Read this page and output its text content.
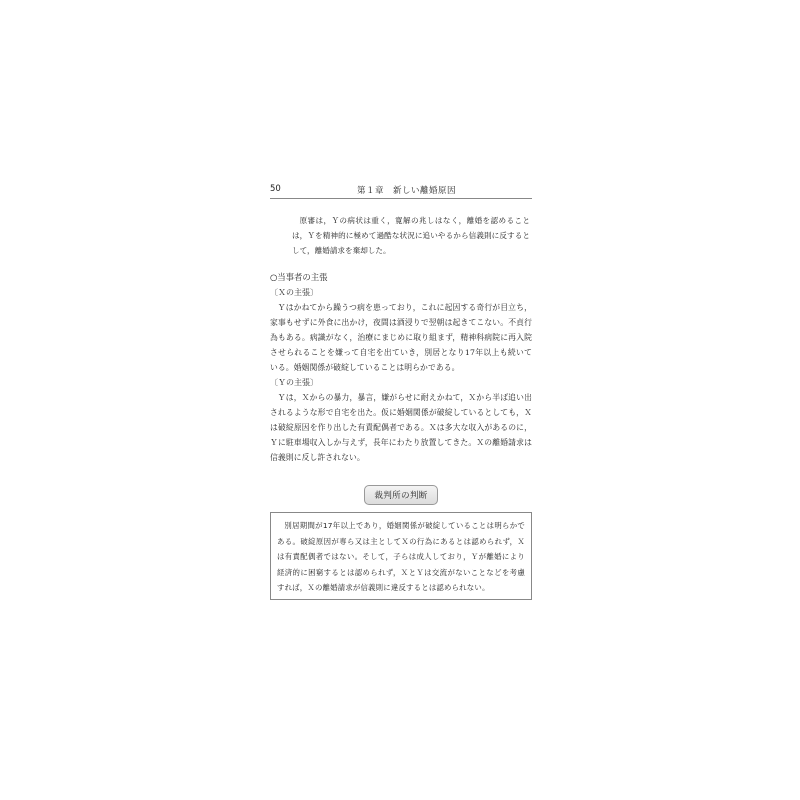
50	第１章　新しい離婚原因

原審は，Ｙの病状は重く，寛解の兆しはなく，離婚を認めることは，Ｙを精神的に極めて過酷な状況に追いやるから信義則に反するとして，離婚請求を棄却した。

○当事者の主張
〔Ｘの主張〕

Ｙはかねてから躁うつ病を患っており，これに起因する奇行が目立ち，家事もせずに外食に出かけ，夜間は酒浸りで翌朝は起きてこない。不貞行為もある。病識がなく，治療にまじめに取り組まず，精神科病院に再入院させられることを嫌って自宅を出ていき，別居となり17年以上も続いている。婚姻関係が破綻していることは明らかである。

〔Ｙの主張〕

Ｙは，Ｘからの暴力，暴言，嫌がらせに耐えかねて，Ｘから半ば追い出されるような形で自宅を出た。仮に婚姻関係が破綻しているとしても，Ｘは破綻原因を作り出した有責配偶者である。Ｘは多大な収入があるのに，Ｙに駐車場収入しか与えず，長年にわたり放置してきた。Ｘの離婚請求は信義則に反し許されない。

裁判所の判断

別居期間が17年以上であり，婚姻関係が破綻していることは明らかである。破綻原因が専ら又は主としてＸの行為にあるとは認められず，Ｘは有責配偶者ではない。そして，子らは成人しており，Ｙが離婚により経済的に困窮するとは認められず，ＸとＹは交流がないことなどを考慮すれば，Ｘの離婚請求が信義則に違反するとは認められない。
